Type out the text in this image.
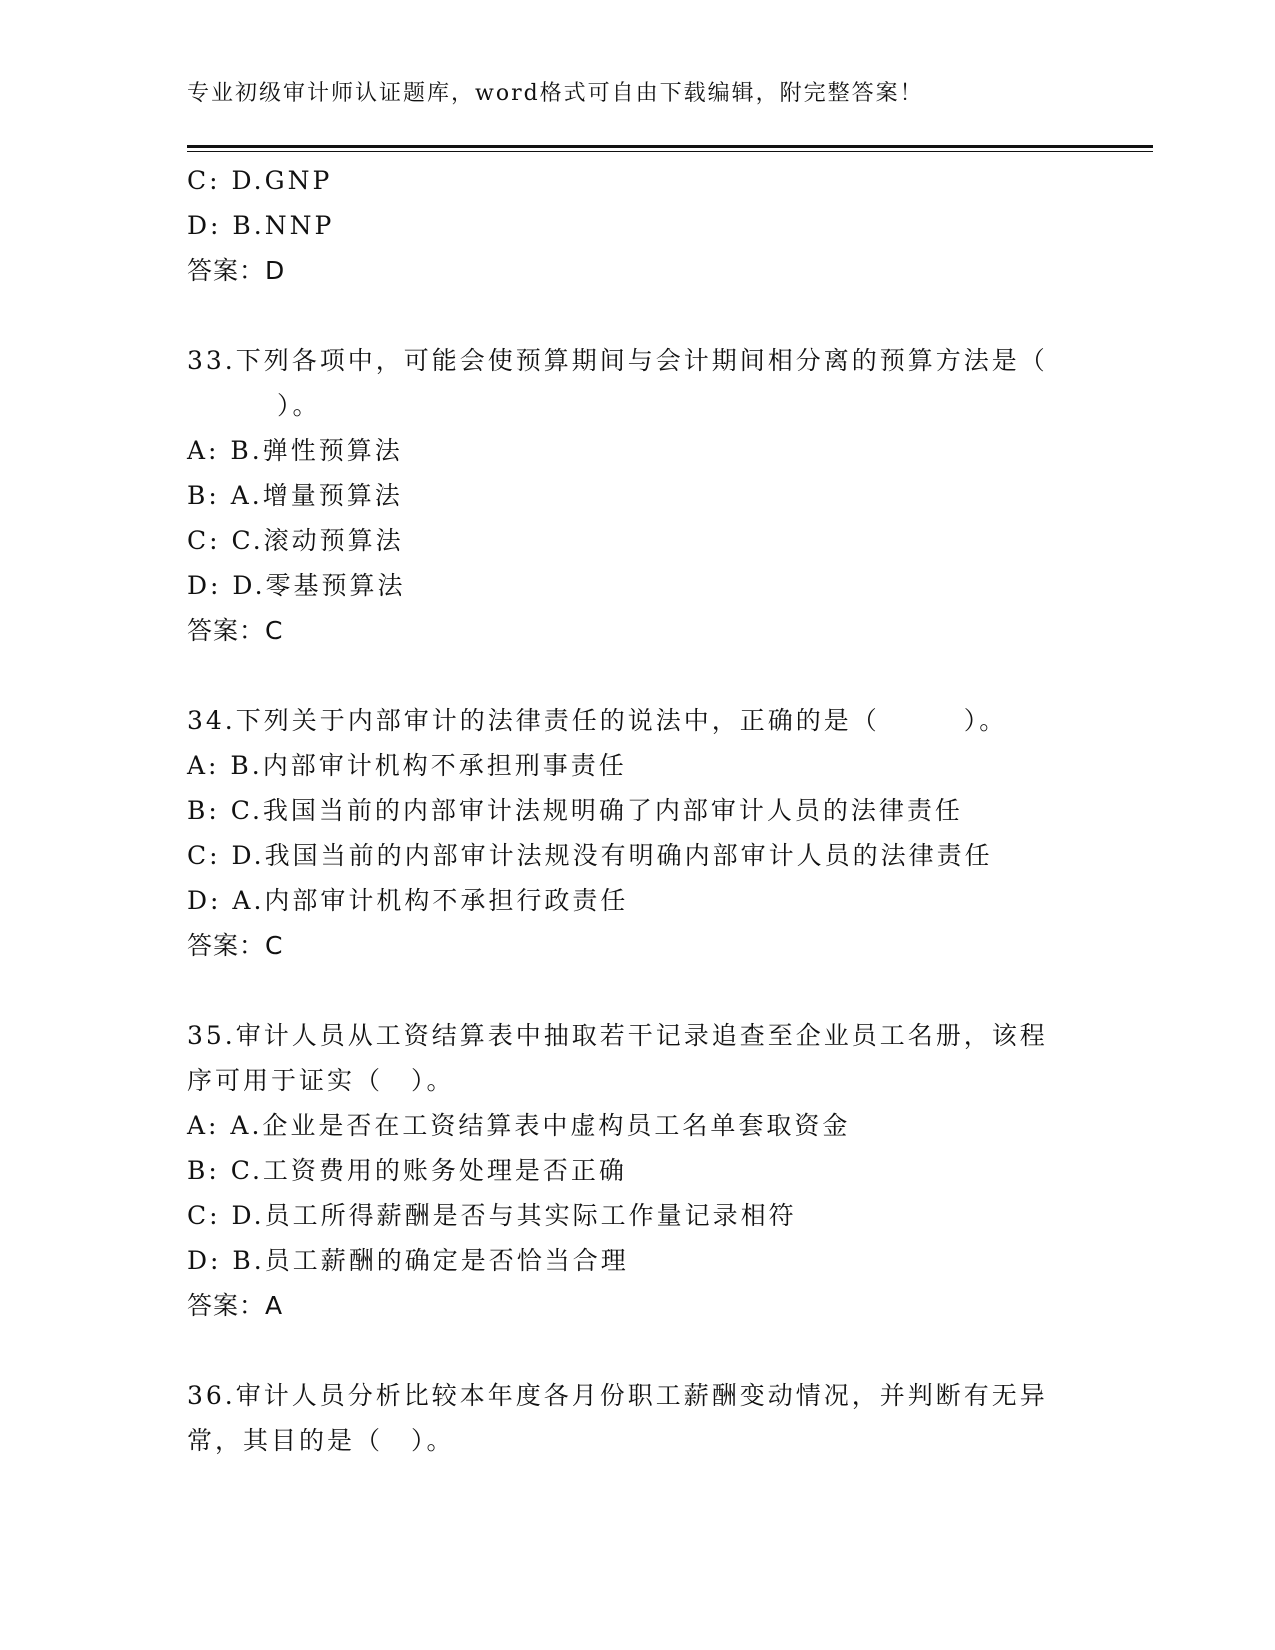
专业初级审计师认证题库，word格式可自由下载编辑，附完整答案！
C: D.GNP
D: B.NNP
答案：D
33.下列各项中，可能会使预算期间与会计期间相分离的预算方法是（
）。
A: B.弹性预算法
B: A.增量预算法
C: C.滚动预算法
D: D.零基预算法
答案：C
34.下列关于内部审计的法律责任的说法中，正确的是（　　　）。
A: B.内部审计机构不承担刑事责任
B: C.我国当前的内部审计法规明确了内部审计人员的法律责任
C: D.我国当前的内部审计法规没有明确内部审计人员的法律责任
D: A.内部审计机构不承担行政责任
答案：C
35.审计人员从工资结算表中抽取若干记录追查至企业员工名册，该程
序可用于证实（　）。
A: A.企业是否在工资结算表中虚构员工名单套取资金
B: C.工资费用的账务处理是否正确
C: D.员工所得薪酬是否与其实际工作量记录相符
D: B.员工薪酬的确定是否恰当合理
答案：A
36.审计人员分析比较本年度各月份职工薪酬变动情况，并判断有无异
常，其目的是（　）。
